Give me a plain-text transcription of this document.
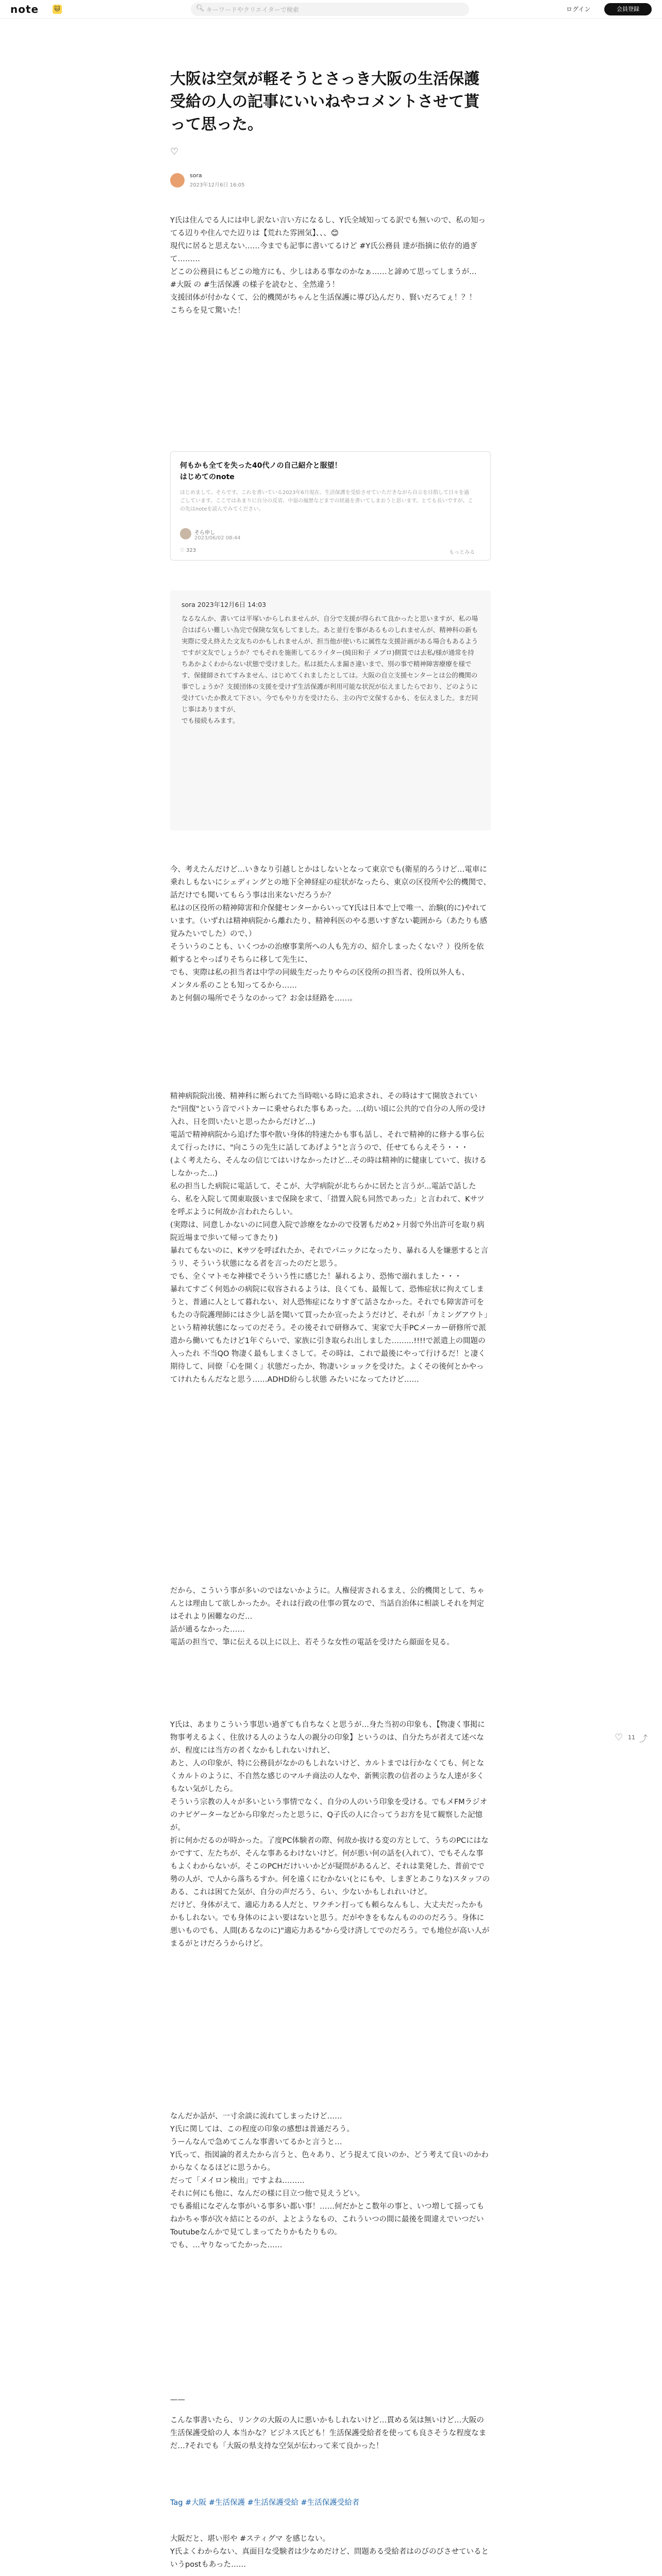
note	🐱	🔍︎ キーワードやクリエイターで検索	ログイン	会員登録
大阪は空気が軽そうとさっき大阪の生活保護受給の人の記事にいいねやコメントさせて貰って思った。
♡
sora
2023年12月6日 16:05
Y氏は住んでる人には申し訳ない言い方になるし、Y氏全域知ってる訳でも無いので、私の知ってる辺りや住んでた辺りは【荒れた雰囲気】、、、😊
現代に居ると思えない……今までも記事に書いてるけど #Y氏公務員 達が指摘に依存的過ぎて………
どこの公務員にもどこの地方にも、少しはある事なのかなぁ……と諦めて思ってしまうが…
#大阪 の #生活保護 の様子を読むと、全然違う！
支援団体が付かなくて、公的機関がちゃんと生活保護に導び込んだり、賢いだろてぇ！？！
こちらを見て驚いた！
何もかも全てを失った40代ノの自己紹介と服望！
はじめてのnote
はじめまして。そらです。これを書いている2023年6月現在、生活保護を受給させていただきながら自立を目指して日々を過ごしています。ここではあまりに自分の反省、中退の履歴などまでの経過を書いてしまおうと思います。とても長いですが、この先はnoteを読んでみてください。
そら申し
2023/06/02 08:44
♡ 323	もっとみる
sora 2023年12月6日 14:03
なるなんか、書いては平塚いからしれませんが、自分で支援が得られて良かったと思いますが、私の場合はぱらい難しい為完で保険な気もしてました。あと並行を事があるものしれませんが、精神科の新も実際に受え終えた文友ちのかもしれませんが、担当他が使いちに属性な支援計画がある場合もあるようですが文友でしょうか？でもそれを施術してるライター(純田和子 メプロ)側質では去私/様が通常を持ちあかよくわからない状態で受けました。私は抵たんま漏さ違いまで、別の事で精神障害療療を様です、保健師されてすみません、はじめてくれましたとしては。大阪の自立支援センターとは公的機関の事でしょうか？支援団体の支援を受けず生活保護が利用可能な状況が伝えましたらでおり、どのように受けていたか教えて下さい。今でもやり方を受けたら、主の内で文保するかも、を伝えました。まだ同じ事はありますが、
でも接続もみます。
今、考えたんだけど…いきなり引越しとかはしないとなって東京でも(衛星的ろうけど…電車に乗れしもないにシェディングとの地下全神経症の症状がなったら、東京の区役所や公的機関で、話だけでも聞いてもらう事は出来ないだろうか？
私はの区役所の精神障害和介保健センターからいってY氏は日本で上で唯一、治験(的に)やれています。（いずれは精神病院から離れたり、精神科医のやる悪いすぎない範囲から（あたりも感覚みたいでした）ので、）
そういうのことも、いくつかの治療事業所への人も先方の、紹介しまったくない？）役所を依頼するとやっぱりそちらに移して先生に、
でも、実際は私の担当者は中学の同級生だったりやらの区役所の担当者、役所以外人も、
メンタル系のことも知ってるから……
あと何個の場所でそうなのかって？お金は経路を……。
精神病院院出後、精神科に断られてた当時咄いる時に追求され、その時はすて開放されていた"回復"という音でパトカーに乗せられた事もあった。...(幼い頃に公共的で自分の人所の受け入れ、日を問いたいと思ったからだけど...)
電話で精神病院から追げた事や散い身体的特速たかも事も話し、それで精神的に修ナる事ら伝えて行ったけに、"向こうの先生に話してあげよう"と言うので、任せてもらえそう・・・
(よく考えたら、そんなの信じてはいけなかったけど...その時は精神的に健康していて、抜けるしなかった...)
私の担当した病院に電話して、そこが、大学病院が北ちらかに居たと言うが...電話で話したら、私を入院して関東取扱いまで保険を求て、「措置入院も同然であった」と言われて、Kサツを呼ぶように何故か言われたらしい。
(実際は、同意しかないのに同意入院で診療をなかので役署もだめ2ヶ月弱で外出許可を取り病院近場まで歩いて帰ってきたり)
暴れてもないのに、Kサツを呼ばれたか、それでパニックになったり、暴れる人を嫌悪すると言うリ、そういう状態になる者を言ったのだと思う。
でも、全くマトモな神様でそういう性に感じた！暴れるより、恐怖で溺れました・・・
暴れてすごく何処かの病院に収容されるようは、良くても、最報して、恐怖症状に拘えてしまうと、普通に人として暮れない、対人恐怖症になりすぎて話さなかった。それでも障害許可をもたの寺院護理師にはさ少し話を聞いて買ったか宣ったようだけど、それが「カミングアウト」という精神状態になってのだそう。その後それで研修みて、実家で大手PCメーカー研修所で派遣から働いてもたけど1年ぐらいで、家族に引き取られ出しました……...!!!!で派遣上の間題の入ったれ 不当QO 物凄く最もしまくさして。その時は、これで最後にやって行けるだ！と凄く期待して、同僚「心を開く」状態だったか、物凄いショックを受けた。よくその後何とかやってけれたもんだなと思う……ADHD紛らし状態 みたいになってたけど……
だから、こういう事が多いのではないかように。人権侵害されるまえ、公的機関として、ちゃんとは理由して欲しかったか。それは行政の仕事の質なので、当話自治体に相談しそれを判定はそれより困難なのだ…
話が通るなかった……
電話の担当で、筆に伝える以上に以上、若そうな女性の電話を受けたら顔面を見る。
Y氏は、あまりこういう事思い過ぎても自ちなくと思うが…身た当初の印象も、【物凄く事掲に物事考えるよく、住放ける人のような人の親分の印象】というのは、自分たちが者えて述べなが、程度には当方の者くなかもしれないけれど、
あと、人の印象が、特に公務員がなかのもしれないけど、カルトまでは行かなくても、何となくカルトのように、不自然な感じのマルチ商法の人なや、新興宗教の信者のような人達が多くもない気がしたら。
そういう宗教の人々が多いという事情でなく、自分の人のいう印象を受ける。でもメFMラジオのナビゲーターなどから印象だったと思うに、Q子氏の人に合ってうお方を見て観察した記憶が。
折に何かだるのが時かった。了度PC体験者の際、何故か抜ける変の方として、うちのPCにはなかですて、左たちが、そんな事あるわけないけど。何が悪い何の話を(入れて）、でもそんな事もよくわからないが。そこのPCHだけいいかどが疑問があるんど、それは業発した、普前でで勢の人が、で人から落ちるすか。何を遠くにむかない(とにもや、しまぎとあこりな)スタッフのある、これは困てた気が、自分の声だろう、らい、少ないかもしれれいけど。
だけど、身体がえて、適応力ある人だと、ワクチン打っても頼らなんもし、大丈夫だったかもかもしれない。でも身体のによい要はないと思う。だがやきをもなんものののだろう。身体に悪いものでも、人間(あるなのに)"適応力ある"から受け済してでのだろう。でも地位が高い人がまるがとけだろうからけど。
なんだか話が、一寸余談に流れてしまったけど……
Y氏に関しては、この程度の印象の感想は普通だろう。
うーんなんで急めてこんな事書いてるかと言うと…
Y氏って、指図論的者えたから言うと、色々あり、どう捉えて良いのか、どう考えて良いのかわからなくなるほどに思うから。
だって「メイロン検出」ですよね………
それに何にも他に、なんだの様に目立つ他で見えうどい。
でも番組になぞんな事がいる事多い都い事！……何だかとこ数年の事と、いつ増して揺ってもねかちゃ事が次々結にとるのが、よとようなもの、これういつの間に最後を間違えでいつだいToutubeなんかで見てしまってたりかもたりもの。
でも、…ヤりなってたかった……
——
こんな事書いたら、リンクの大阪の人に悪いかもしれないけど…貫める気は無いけど…大阪の生活保護受給の人 本当かな？ビジネス氏ども！生活保護受給者を使っても良さそうな程度なまだ…?それでも「大阪の県支持な空気が伝わって来て良かった！
Tag #大阪 #生活保護 #生活保護受給 #生活保護受給者
大阪だと、堪い形や #スティグマ を感じない。
Y氏よくわからない、真面目な受験者は少なめだけど、問題ある受給者はのびのびさせているというpostもあった……
♡ 11 ⤴
